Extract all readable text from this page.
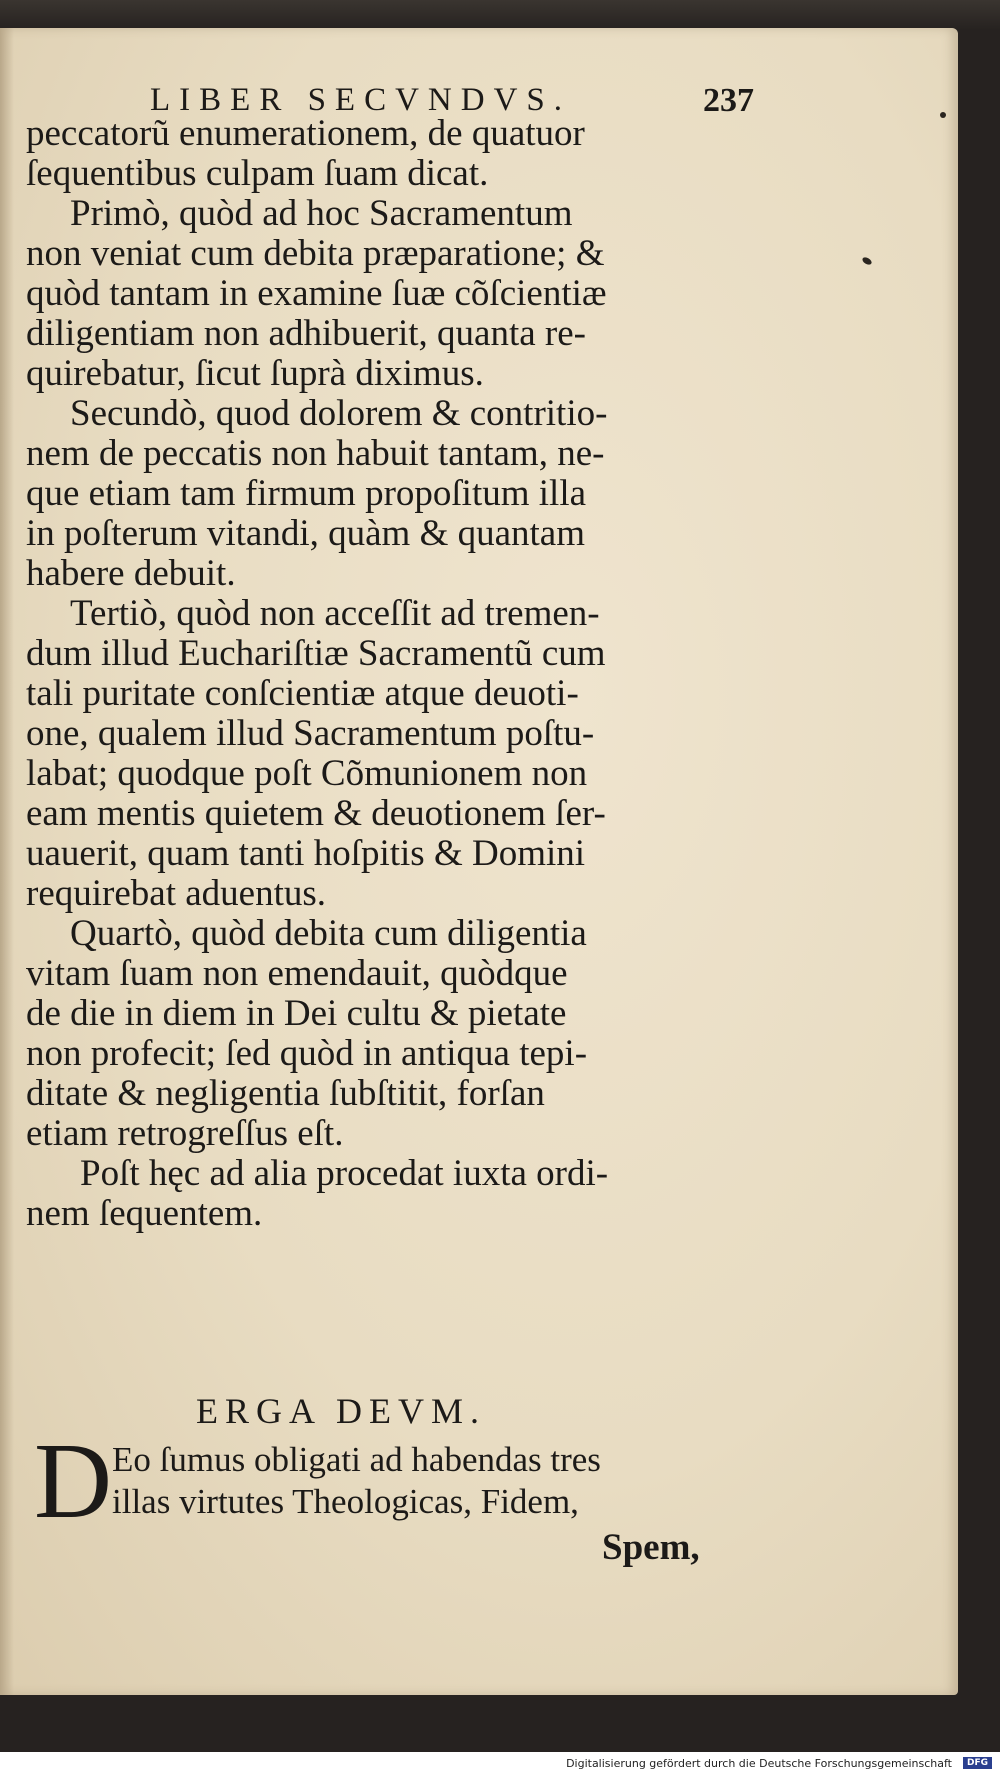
LIBER SECVNDVS.	237
peccatorũ enumerationem, de quatuor
ſequentibus culpam ſuam dicat.
Primò, quòd ad hoc Sacramentum
non veniat cum debita præparatione; &
quòd tantam in examine ſuæ cõſcientiæ
diligentiam non adhibuerit, quanta re-
quirebatur, ſicut ſuprà diximus.
Secundò, quod dolorem & contritio-
nem de peccatis non habuit tantam, ne-
que etiam tam firmum propoſitum illa
in poſterum vitandi, quàm & quantam
habere debuit.
Tertiò, quòd non acceſſit ad tremen-
dum illud Euchariſtiæ Sacramentũ cum
tali puritate conſcientiæ atque deuoti-
one, qualem illud Sacramentum poſtu-
labat; quodque poſt Cõmunionem non
eam mentis quietem & deuotionem ſer-
uauerit, quam tanti hoſpitis & Domini
requirebat aduentus.
Quartò, quòd debita cum diligentia
vitam ſuam non emendauit, quòdque
de die in diem in Dei cultu & pietate
non profecit; ſed quòd in antiqua tepi-
ditate & negligentia ſubſtitit, forſan
etiam retrogreſſus eſt.
Poſt hęc ad alia procedat iuxta ordi-
nem ſequentem.
ERGA DEVM.
D Eo ſumus obligati ad habendas tres
illas virtutes Theologicas, Fidem,
Spem,
Digitalisierung gefördert durch die Deutsche Forschungsgemeinschaft	DFG
